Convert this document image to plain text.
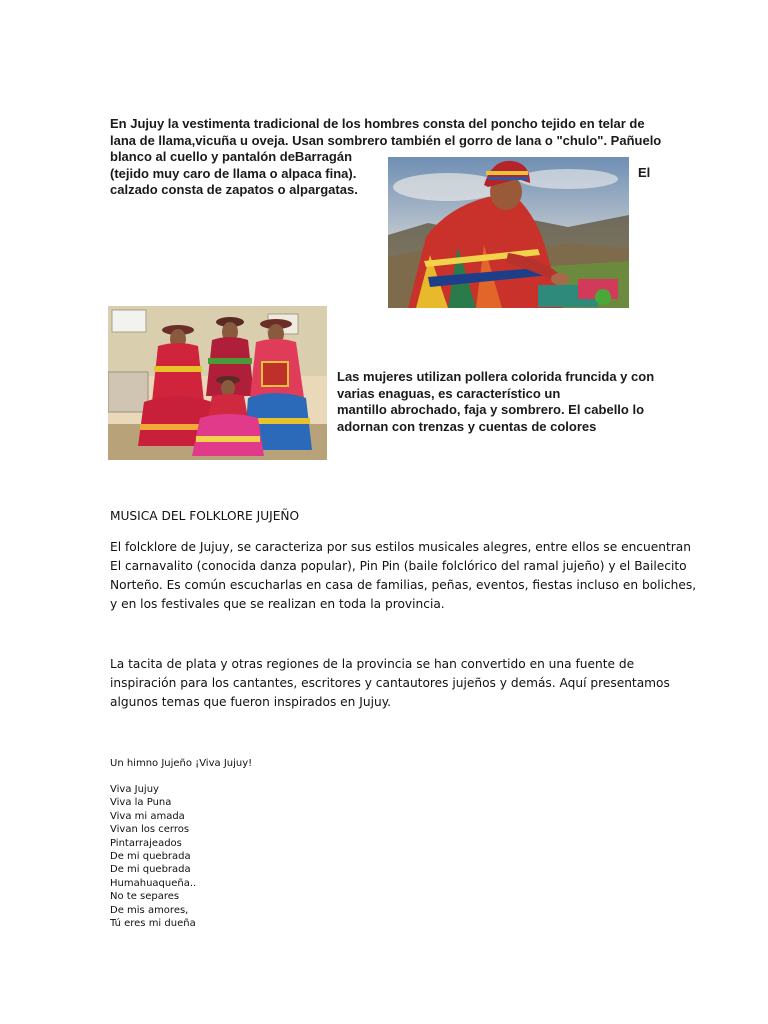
En Jujuy la vestimenta tradicional de los hombres consta del poncho tejido en telar de
lana de llama,vicuña u oveja. Usan sombrero también el gorro de lana o "chulo". Pañuelo
blanco al cuello y pantalón deBarragán
(tejido muy caro de llama o alpaca fina).
calzado consta de zapatos o alpargatas.
El
Las mujeres utilizan pollera colorida fruncida y con
varias enaguas, es característico un
mantillo abrochado, faja y sombrero. El cabello lo
adornan con trenzas y cuentas de colores
MUSICA DEL FOLKLORE JUJEÑO
El folcklore de Jujuy, se caracteriza por sus estilos musicales alegres, entre ellos se encuentran
El carnavalito (conocida danza popular), Pin Pin (baile folclórico del ramal jujeño) y el Bailecito
Norteño. Es común escucharlas en casa de familias, peñas, eventos, fiestas incluso en boliches,
y en los festivales que se realizan en toda la provincia.
La tacita de plata y otras regiones de la provincia se han convertido en una fuente de
inspiración para los cantantes, escritores y cantautores jujeños y demás. Aquí presentamos
algunos temas que fueron inspirados en Jujuy.
Un himno Jujeño ¡Viva Jujuy!
Viva Jujuy
Viva la Puna
Viva mi amada
Vivan los cerros
Pintarrajeados
De mi quebrada
De mi quebrada
Humahuaqueña..
No te separes
De mis amores,
Tú eres mi dueña
